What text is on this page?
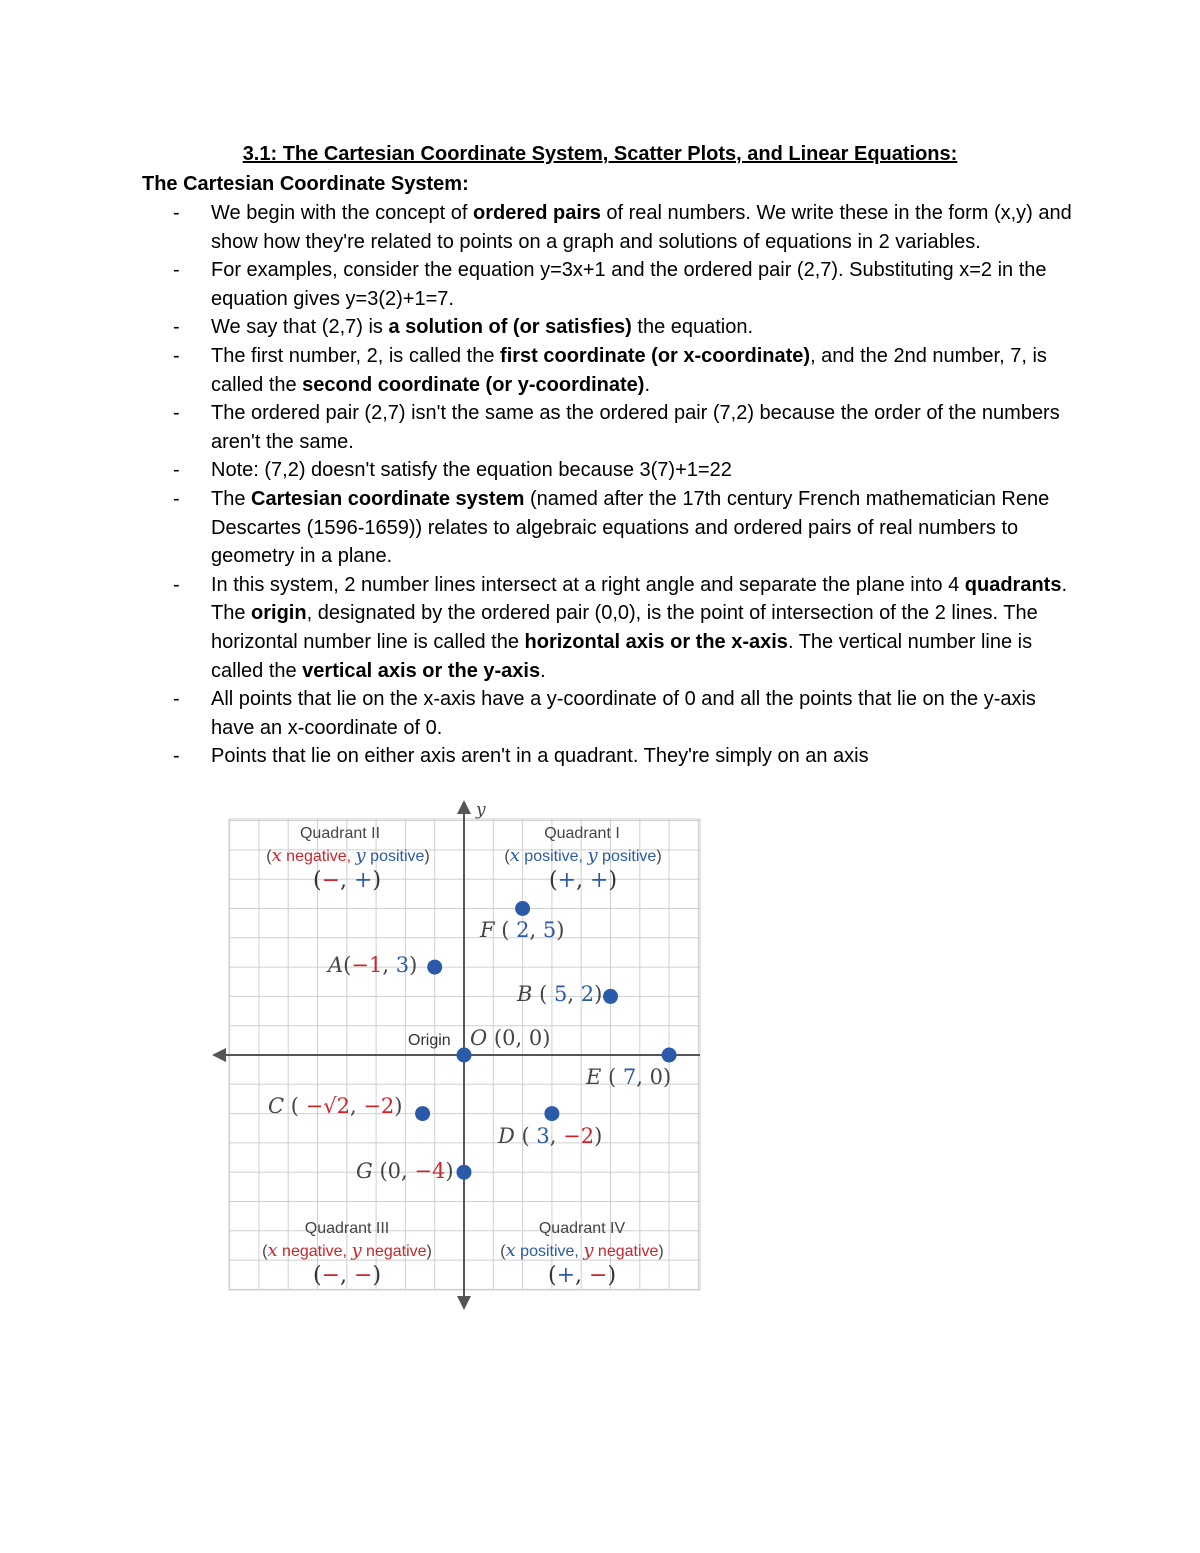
3.1: The Cartesian Coordinate System, Scatter Plots, and Linear Equations:
The Cartesian Coordinate System:
- We begin with the concept of ordered pairs of real numbers. We write these in the form (x,y) and show how they're related to points on a graph and solutions of equations in 2 variables.
- For examples, consider the equation y=3x+1 and the ordered pair (2,7). Substituting x=2 in the equation gives y=3(2)+1=7.
- We say that (2,7) is a solution of (or satisfies) the equation.
- The first number, 2, is called the first coordinate (or x-coordinate), and the 2nd number, 7, is called the second coordinate (or y-coordinate).
- The ordered pair (2,7) isn't the same as the ordered pair (7,2) because the order of the numbers aren't the same.
- Note: (7,2) doesn't satisfy the equation because 3(7)+1=22
- The Cartesian coordinate system (named after the 17th century French mathematician Rene Descartes (1596-1659)) relates to algebraic equations and ordered pairs of real numbers to geometry in a plane.
- In this system, 2 number lines intersect at a right angle and separate the plane into 4 quadrants. The origin, designated by the ordered pair (0,0), is the point of intersection of the 2 lines. The horizontal number line is called the horizontal axis or the x-axis. The vertical number line is called the vertical axis or the y-axis.
- All points that lie on the x-axis have a y-coordinate of 0 and all the points that lie on the y-axis have an x-coordinate of 0.
- Points that lie on either axis aren't in a quadrant. They're simply on an axis
y
Quadrant II
(x negative, y positive)
(−, +)
Quadrant I
(x positive, y positive)
(+, +)
Quadrant III
(x negative, y negative)
(−, −)
Quadrant IV
(x positive, y negative)
(+, −)
Origin
A(−1, 3)
B ( 5, 2)
C ( −√2, −2)
D ( 3, −2)
E ( 7, 0)
F ( 2, 5)
G (0, −4)
O (0, 0)
